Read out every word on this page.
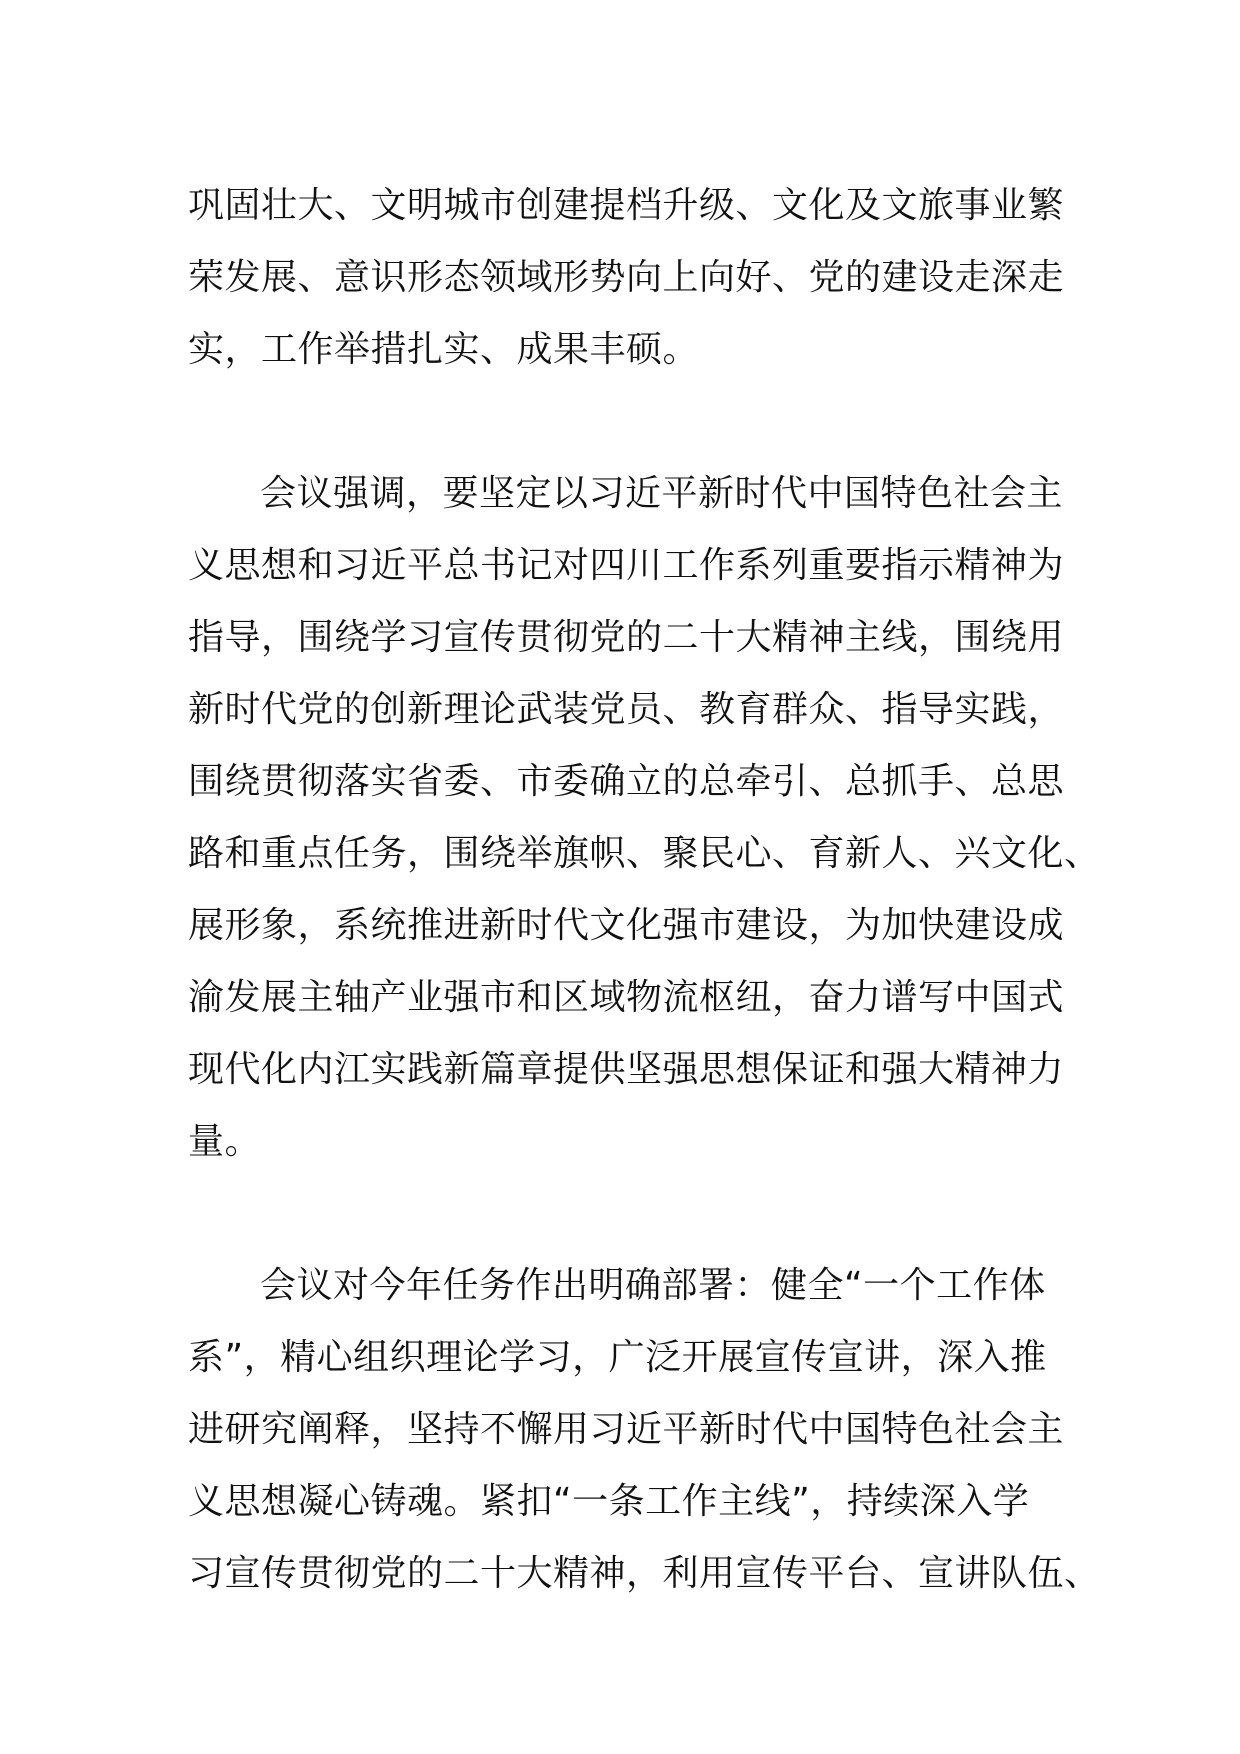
巩固壮大、文明城市创建提档升级、文化及文旅事业繁
荣发展、意识形态领域形势向上向好、党的建设走深走
实，工作举措扎实、成果丰硕。
会议强调，要坚定以习近平新时代中国特色社会主
义思想和习近平总书记对四川工作系列重要指示精神为
指导，围绕学习宣传贯彻党的二十大精神主线，围绕用
新时代党的创新理论武装党员、教育群众、指导实践，
围绕贯彻落实省委、市委确立的总牵引、总抓手、总思
路和重点任务，围绕举旗帜、聚民心、育新人、兴文化、
展形象，系统推进新时代文化强市建设，为加快建设成
渝发展主轴产业强市和区域物流枢纽，奋力谱写中国式
现代化内江实践新篇章提供坚强思想保证和强大精神力
量。
会议对今年任务作出明确部署：健全“一个工作体
系”，精心组织理论学习，广泛开展宣传宣讲，深入推
进研究阐释，坚持不懈用习近平新时代中国特色社会主
义思想凝心铸魂。紧扣“一条工作主线”，持续深入学
习宣传贯彻党的二十大精神，利用宣传平台、宣讲队伍、
